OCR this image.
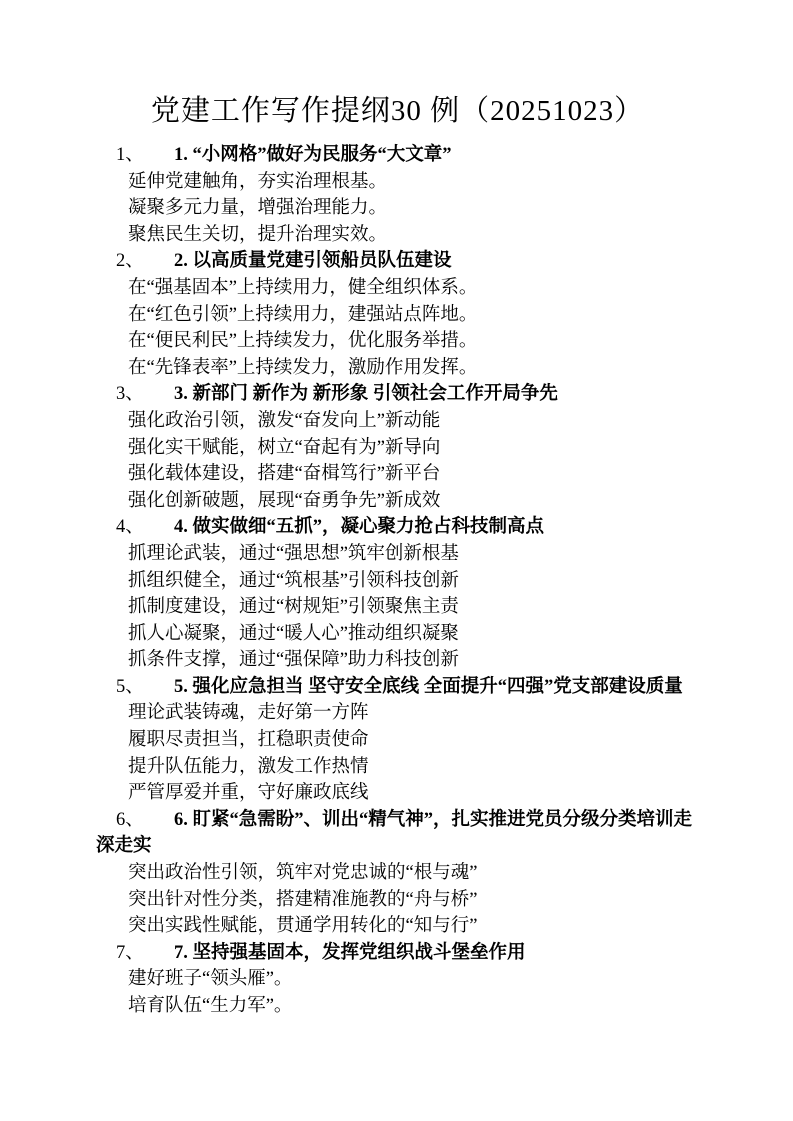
党建工作写作提纲30 例（20251023）

1、 1. “小网格”做好为民服务“大文章”

延伸党建触角，夯实治理根基。

凝聚多元力量，增强治理能力。

聚焦民生关切，提升治理实效。

2、 2. 以高质量党建引领船员队伍建设

在“强基固本”上持续用力，健全组织体系。

在“红色引领”上持续用力，建强站点阵地。

在“便民利民”上持续发力，优化服务举措。

在“先锋表率”上持续发力，激励作用发挥。

3、 3. 新部门 新作为 新形象 引领社会工作开局争先

强化政治引领，激发“奋发向上”新动能

强化实干赋能，树立“奋起有为”新导向

强化载体建设，搭建“奋楫笃行”新平台

强化创新破题，展现“奋勇争先”新成效

4、 4. 做实做细“五抓”，凝心聚力抢占科技制高点

抓理论武装，通过“强思想”筑牢创新根基

抓组织健全，通过“筑根基”引领科技创新

抓制度建设，通过“树规矩”引领聚焦主责

抓人心凝聚，通过“暖人心”推动组织凝聚

抓条件支撑，通过“强保障”助力科技创新

5、 5. 强化应急担当 坚守安全底线 全面提升“四强”党支部建设质量

理论武装铸魂，走好第一方阵

履职尽责担当，扛稳职责使命

提升队伍能力，激发工作热情

严管厚爱并重，守好廉政底线

6、 6. 盯紧“急需盼”、训出“精气神”，扎实推进党员分级分类培训走深走实

突出政治性引领，筑牢对党忠诚的“根与魂”

突出针对性分类，搭建精准施教的“舟与桥”

突出实践性赋能，贯通学用转化的“知与行”

7、 7. 坚持强基固本，发挥党组织战斗堡垒作用

建好班子“领头雁”。

培育队伍“生力军”。
